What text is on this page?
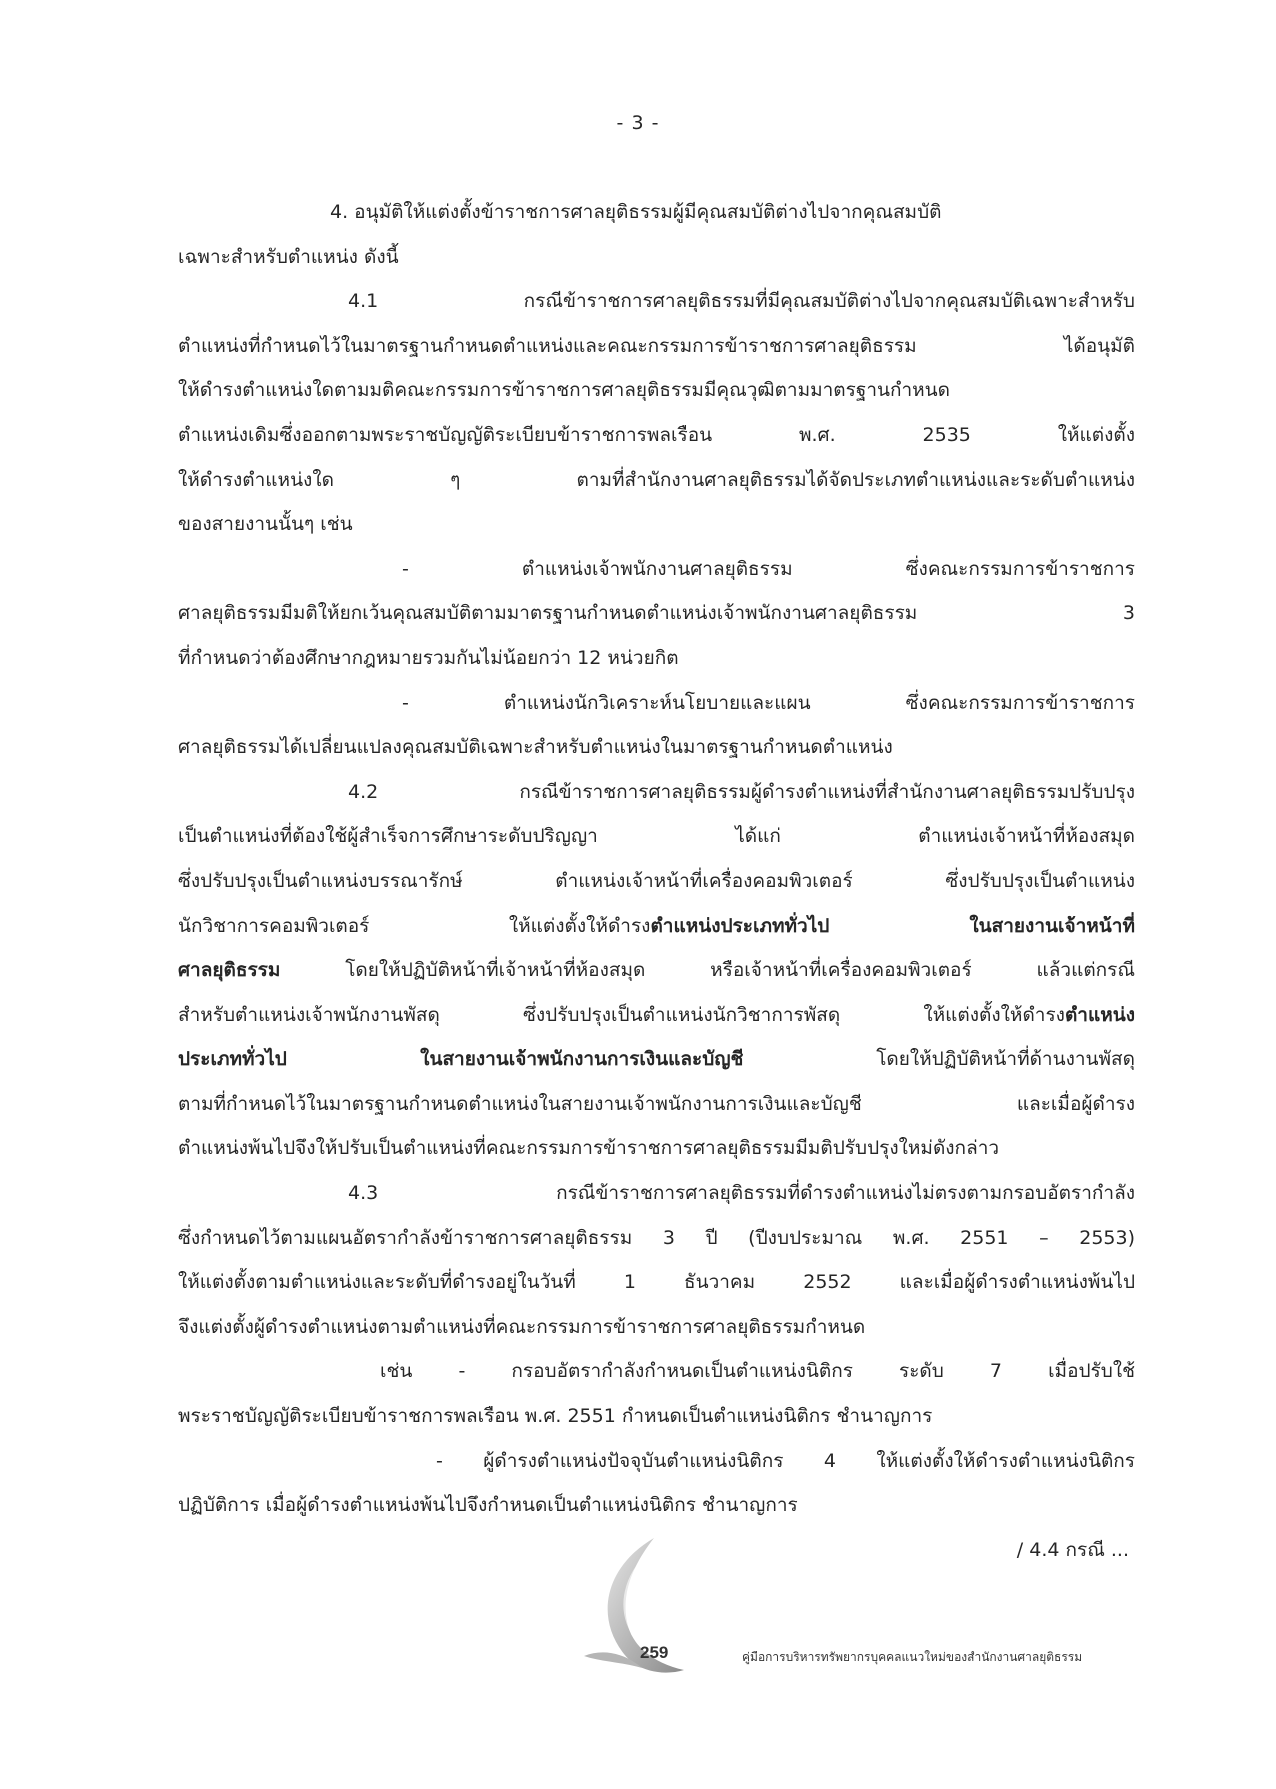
- 3 -
4. อนุมัติให้แต่งตั้งข้าราชการศาลยุติธรรมผู้มีคุณสมบัติต่างไปจากคุณสมบัติ
เฉพาะสำหรับตำแหน่ง ดังนี้
4.1 กรณีข้าราชการศาลยุติธรรมที่มีคุณสมบัติต่างไปจากคุณสมบัติเฉพาะสำหรับ
ตำแหน่งที่กำหนดไว้ในมาตรฐานกำหนดตำแหน่งและคณะกรรมการข้าราชการศาลยุติธรรม ได้อนุมัติ
ให้ดำรงตำแหน่งใดตามมติคณะกรรมการข้าราชการศาลยุติธรรมมีคุณวุฒิตามมาตรฐานกำหนด
ตำแหน่งเดิมซึ่งออกตามพระราชบัญญัติระเบียบข้าราชการพลเรือน พ.ศ. 2535 ให้แต่งตั้ง
ให้ดำรงตำแหน่งใด ๆ ตามที่สำนักงานศาลยุติธรรมได้จัดประเภทตำแหน่งและระดับตำแหน่ง
ของสายงานนั้นๆ เช่น
- ตำแหน่งเจ้าพนักงานศาลยุติธรรม ซึ่งคณะกรรมการข้าราชการ
ศาลยุติธรรมมีมติให้ยกเว้นคุณสมบัติตามมาตรฐานกำหนดตำแหน่งเจ้าพนักงานศาลยุติธรรม 3
ที่กำหนดว่าต้องศึกษากฎหมายรวมกันไม่น้อยกว่า 12 หน่วยกิต
- ตำแหน่งนักวิเคราะห์นโยบายและแผน ซึ่งคณะกรรมการข้าราชการ
ศาลยุติธรรมได้เปลี่ยนแปลงคุณสมบัติเฉพาะสำหรับตำแหน่งในมาตรฐานกำหนดตำแหน่ง
4.2 กรณีข้าราชการศาลยุติธรรมผู้ดำรงตำแหน่งที่สำนักงานศาลยุติธรรมปรับปรุง
เป็นตำแหน่งที่ต้องใช้ผู้สำเร็จการศึกษาระดับปริญญา ได้แก่ ตำแหน่งเจ้าหน้าที่ห้องสมุด
ซึ่งปรับปรุงเป็นตำแหน่งบรรณารักษ์ ตำแหน่งเจ้าหน้าที่เครื่องคอมพิวเตอร์ ซึ่งปรับปรุงเป็นตำแหน่ง
นักวิชาการคอมพิวเตอร์ ให้แต่งตั้งให้ดำรงตำแหน่งประเภททั่วไป ในสายงานเจ้าหน้าที่
ศาลยุติธรรม โดยให้ปฏิบัติหน้าที่เจ้าหน้าที่ห้องสมุด หรือเจ้าหน้าที่เครื่องคอมพิวเตอร์ แล้วแต่กรณี
สำหรับตำแหน่งเจ้าพนักงานพัสดุ ซึ่งปรับปรุงเป็นตำแหน่งนักวิชาการพัสดุ ให้แต่งตั้งให้ดำรงตำแหน่ง
ประเภททั่วไป ในสายงานเจ้าพนักงานการเงินและบัญชี โดยให้ปฏิบัติหน้าที่ด้านงานพัสดุ
ตามที่กำหนดไว้ในมาตรฐานกำหนดตำแหน่งในสายงานเจ้าพนักงานการเงินและบัญชี และเมื่อผู้ดำรง
ตำแหน่งพ้นไปจึงให้ปรับเป็นตำแหน่งที่คณะกรรมการข้าราชการศาลยุติธรรมมีมติปรับปรุงใหม่ดังกล่าว
4.3 กรณีข้าราชการศาลยุติธรรมที่ดำรงตำแหน่งไม่ตรงตามกรอบอัตรากำลัง
ซึ่งกำหนดไว้ตามแผนอัตรากำลังข้าราชการศาลยุติธรรม 3 ปี (ปีงบประมาณ พ.ศ. 2551 – 2553)
ให้แต่งตั้งตามตำแหน่งและระดับที่ดำรงอยู่ในวันที่ 1 ธันวาคม 2552 และเมื่อผู้ดำรงตำแหน่งพ้นไป
จึงแต่งตั้งผู้ดำรงตำแหน่งตามตำแหน่งที่คณะกรรมการข้าราชการศาลยุติธรรมกำหนด
เช่น - กรอบอัตรากำลังกำหนดเป็นตำแหน่งนิติกร ระดับ 7 เมื่อปรับใช้
พระราชบัญญัติระเบียบข้าราชการพลเรือน พ.ศ. 2551 กำหนดเป็นตำแหน่งนิติกร ชำนาญการ
- ผู้ดำรงตำแหน่งปัจจุบันตำแหน่งนิติกร 4 ให้แต่งตั้งให้ดำรงตำแหน่งนิติกร
ปฏิบัติการ เมื่อผู้ดำรงตำแหน่งพ้นไปจึงกำหนดเป็นตำแหน่งนิติกร ชำนาญการ
/ 4.4 กรณี ...
259	คู่มือการบริหารทรัพยากรบุคคลแนวใหม่ของสำนักงานศาลยุติธรรม
